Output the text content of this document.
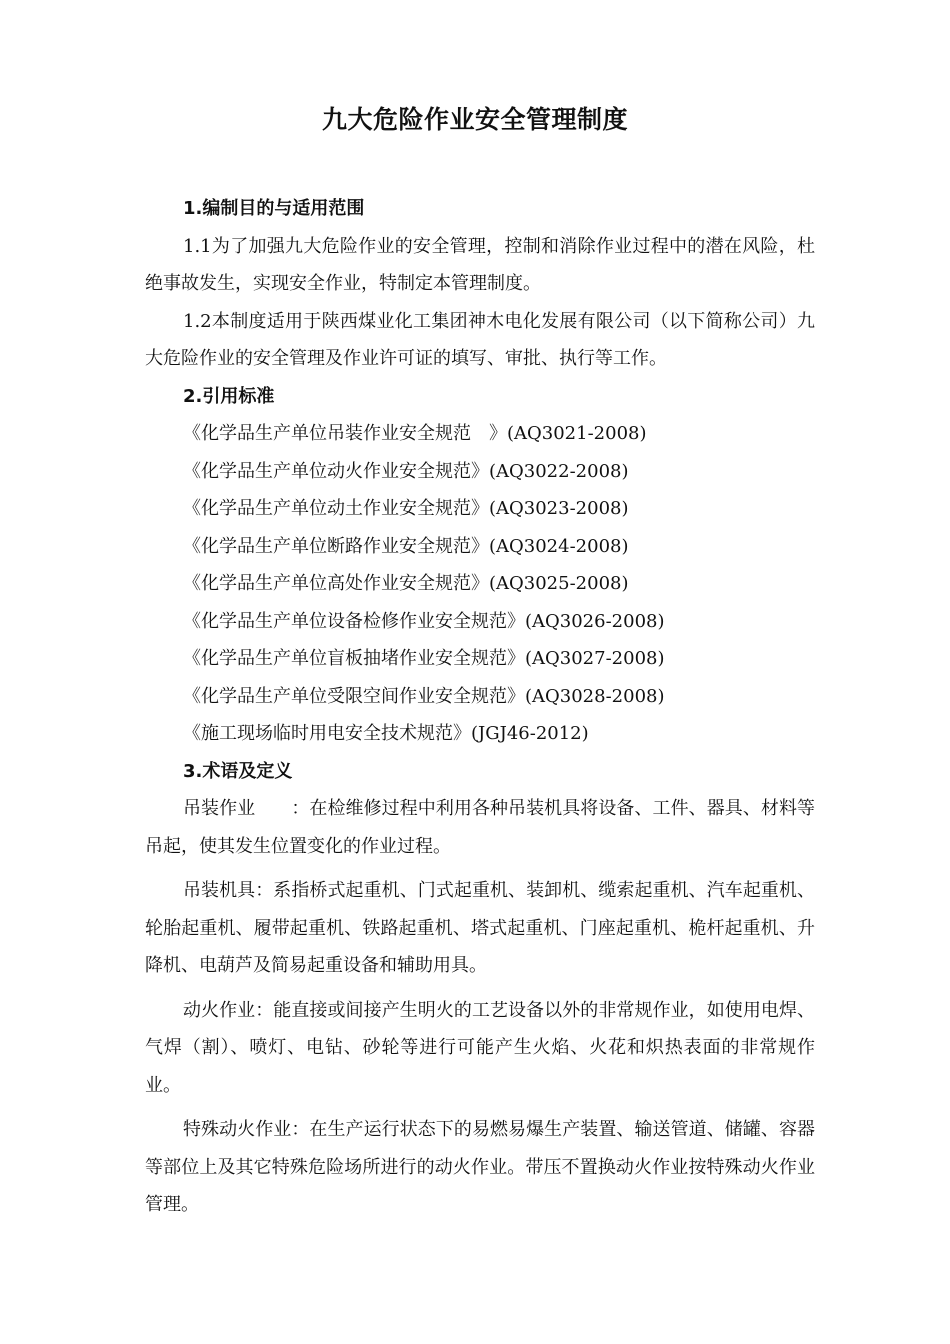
九大危险作业安全管理制度
1.编制目的与适用范围
1.1为了加强九大危险作业的安全管理，控制和消除作业过程中的潜在风险，杜绝事故发生，实现安全作业，特制定本管理制度。
1.2本制度适用于陕西煤业化工集团神木电化发展有限公司（以下简称公司）九大危险作业的安全管理及作业许可证的填写、审批、执行等工作。
2.引用标准
《化学品生产单位吊装作业安全规范　》(AQ3021-2008)
《化学品生产单位动火作业安全规范》(AQ3022-2008)
《化学品生产单位动土作业安全规范》(AQ3023-2008)
《化学品生产单位断路作业安全规范》(AQ3024-2008)
《化学品生产单位高处作业安全规范》(AQ3025-2008)
《化学品生产单位设备检修作业安全规范》(AQ3026-2008)
《化学品生产单位盲板抽堵作业安全规范》(AQ3027-2008)
《化学品生产单位受限空间作业安全规范》(AQ3028-2008)
《施工现场临时用电安全技术规范》(JGJ46-2012)
3.术语及定义
吊装作业　　：在检维修过程中利用各种吊装机具将设备、工件、器具、材料等吊起，使其发生位置变化的作业过程。
吊装机具：系指桥式起重机、门式起重机、装卸机、缆索起重机、汽车起重机、轮胎起重机、履带起重机、铁路起重机、塔式起重机、门座起重机、桅杆起重机、升降机、电葫芦及简易起重设备和辅助用具。
动火作业：能直接或间接产生明火的工艺设备以外的非常规作业，如使用电焊、气焊（割）、喷灯、电钻、砂轮等进行可能产生火焰、火花和炽热表面的非常规作业。
特殊动火作业：在生产运行状态下的易燃易爆生产装置、输送管道、储罐、容器等部位上及其它特殊危险场所进行的动火作业。带压不置换动火作业按特殊动火作业管理。
